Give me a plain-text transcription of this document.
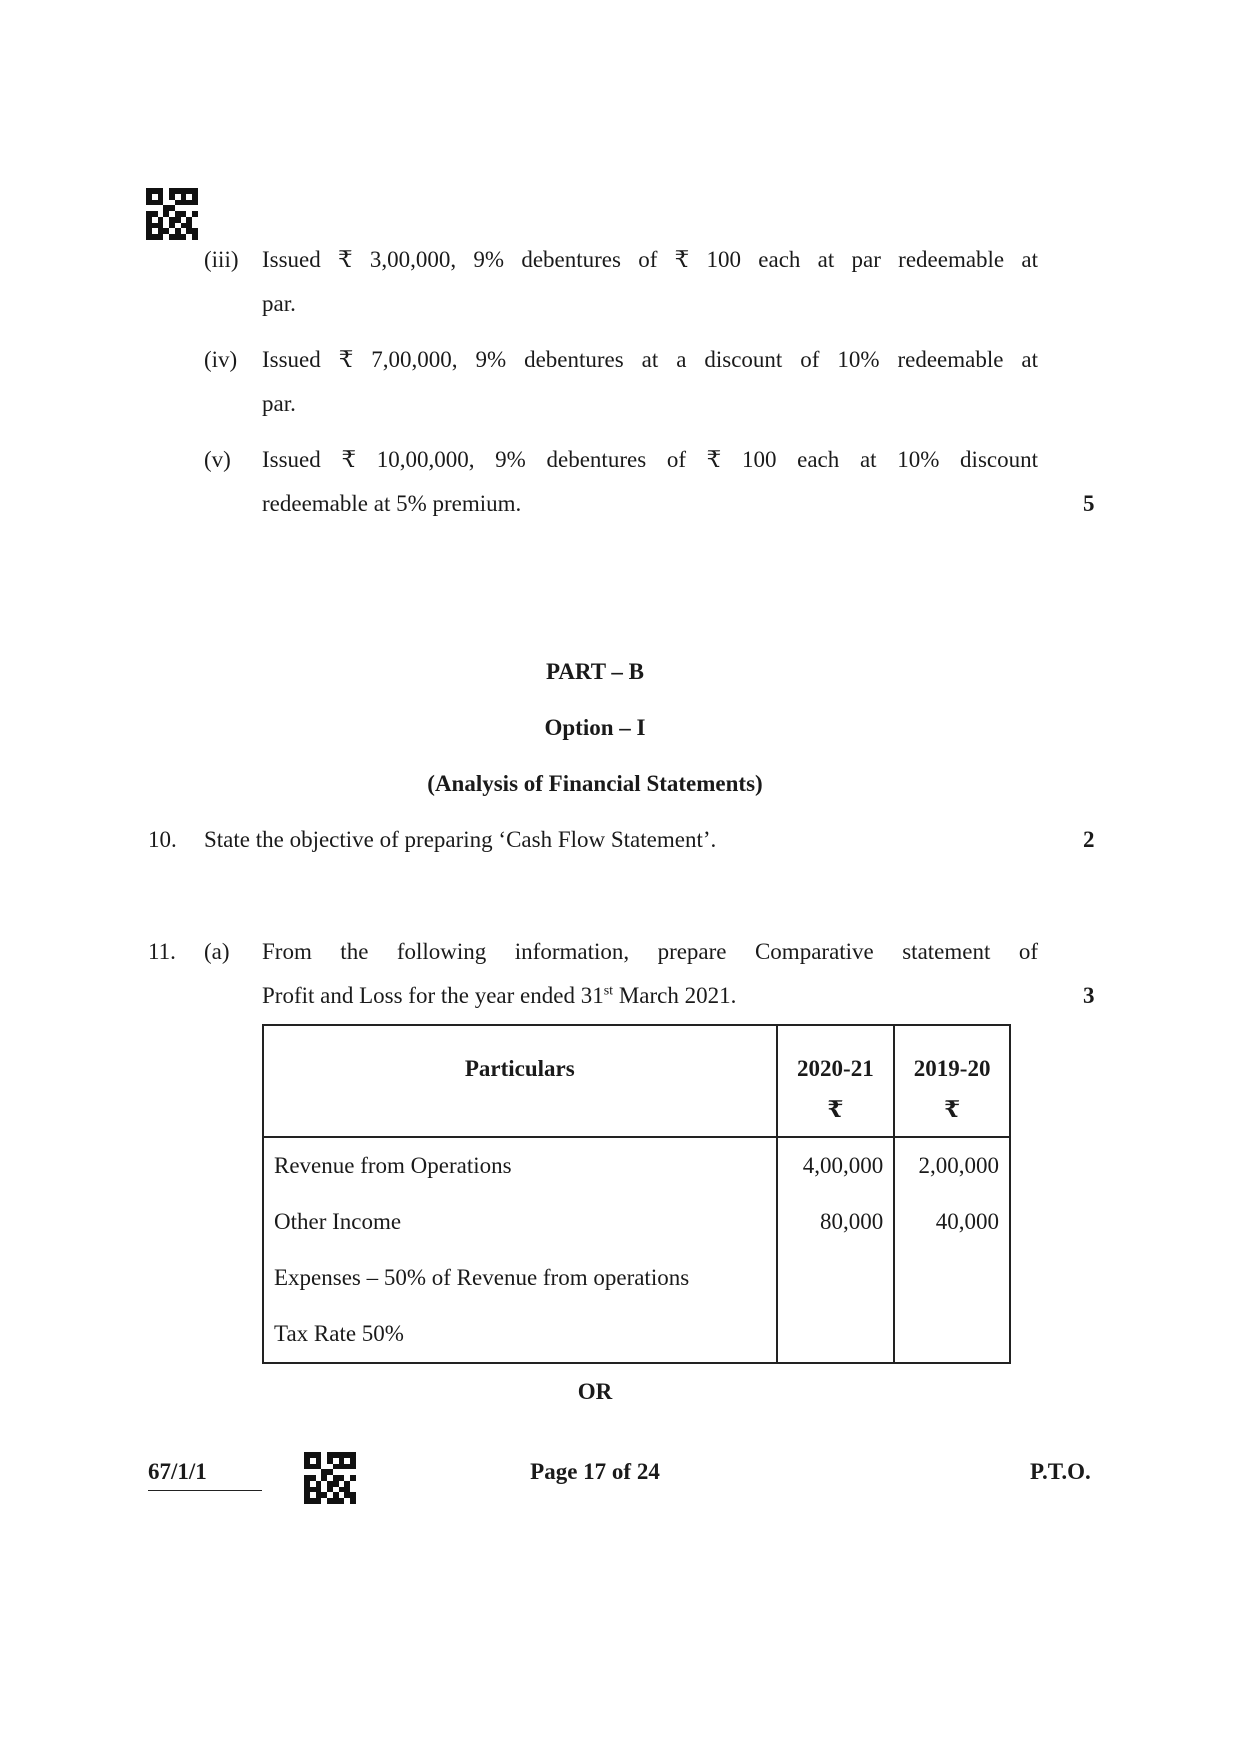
(iii) Issued ₹ 3,00,000, 9% debentures of ₹ 100 each at par redeemable at
par.
(iv) Issued ₹ 7,00,000, 9% debentures at a discount of 10% redeemable at
par.
(v) Issued ₹ 10,00,000, 9% debentures of ₹ 100 each at 10% discount
redeemable at 5% premium.	5
PART – B
Option – I
(Analysis of Financial Statements)
10. State the objective of preparing ‘Cash Flow Statement’.	2
11. (a) From the following information, prepare Comparative statement of
Profit and Loss for the year ended 31st March 2021.	3
Particulars	2020-21	2019-20
	₹	₹
Revenue from Operations	4,00,000	2,00,000
Other Income	80,000	40,000
Expenses – 50% of Revenue from operations		
Tax Rate 50%		
OR
67/1/1	Page 17 of 24	P.T.O.
